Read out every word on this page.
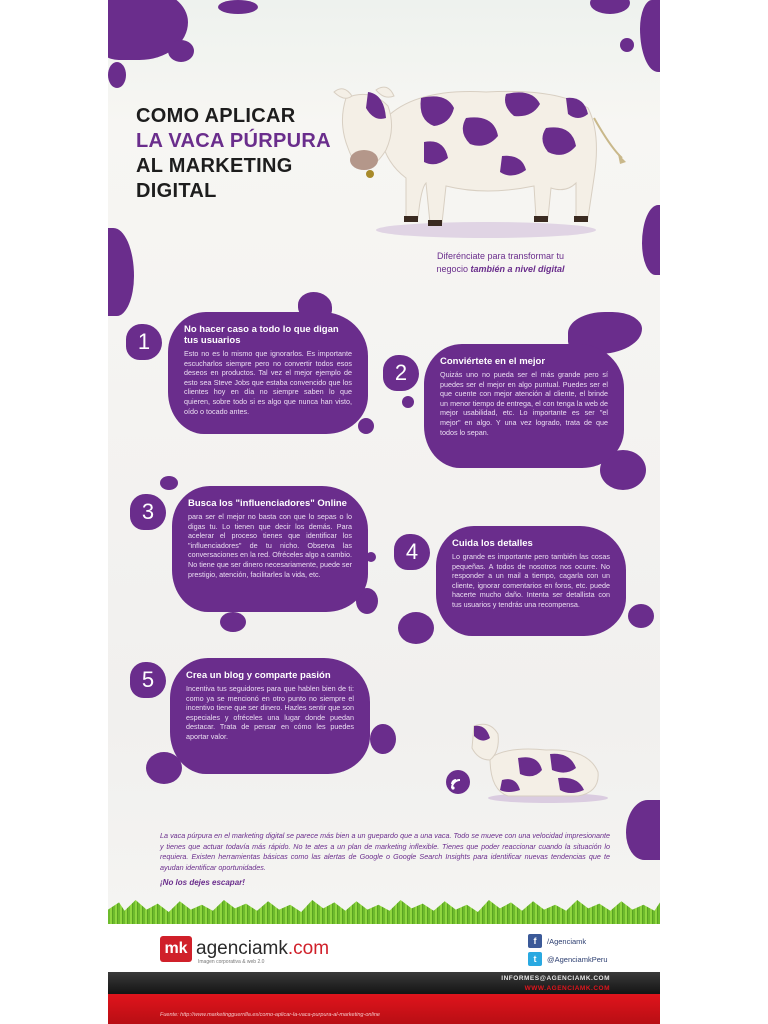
COMO APLICAR
LA VACA PÚRPURA
AL MARKETING
DIGITAL
Diferénciate para transformar tu
negocio también a nivel digital
1	No hacer caso a todo lo que digan tus usuarios

Esto no es lo mismo que ignorarlos. Es importante escucharlos siempre pero no convertir todos esos deseos en productos. Tal vez el mejor ejemplo de esto sea Steve Jobs que estaba convencido que los clientes hoy en día no siempre saben lo que quieren, sobre todo si es algo que nunca han visto, oído o tocado antes.

2	Conviértete en el mejor

Quizás uno no pueda ser el más grande pero sí puedes ser el mejor en algo puntual. Puedes ser el que cuente con mejor atención al cliente, el brinde un menor tiempo de entrega, el con tenga la web de mejor usabilidad, etc. Lo importante es ser "el mejor" en algo. Y una vez logrado, trata de que todos lo sepan.

3	Busca los "influenciadores" Online

para ser el mejor no basta con que lo sepas o lo digas tu. Lo tienen que decir los demás. Para acelerar el proceso tienes que identificar los "influenciadores" de tu nicho. Observa las conversaciones en la red. Ofréceles algo a cambio. No tiene que ser dinero necesariamente, puede ser prestigio, atención, facilitarles la vida, etc.

4	Cuida los detalles

Lo grande es importante pero también las cosas pequeñas. A todos de nosotros nos ocurre. No responder a un mail a tiempo, cagarla con un cliente, ignorar comentarios en foros, etc. puede hacerte mucho daño. Intenta ser detallista con tus usuarios y tendrás una recompensa.

5	Crea un blog y comparte pasión

Incentiva tus seguidores para que hablen bien de ti: como ya se mencionó en otro punto no siempre el incentivo tiene que ser dinero. Hazles sentir que son especiales y ofréceles una lugar donde puedan destacar. Trata de pensar en cómo les puedes aportar valor.

La vaca púrpura en el marketing digital se parece más bien a un guepardo que a una vaca. Todo se mueve con una velocidad impresionante y tienes que actuar todavía más rápido. No te ates a un plan de marketing inflexible. Tienes que poder reaccionar cuando la situación lo requiera. Existen herramientas básicas como las alertas de Google o Google Search Insights para identificar nuevas tendencias que te ayudan identificar oportunidades.
¡No los dejes escapar!
mk agenciamk.com
Imagen corporativa & web 2.0
f	/Agenciamk
t	@AgenciamkPeru
INFORMES@AGENCIAMK.COM
WWW.AGENCIAMK.COM
Fuente: http://www.marketingguerrilla.es/como-aplicar-la-vaca-purpura-al-marketing-online
